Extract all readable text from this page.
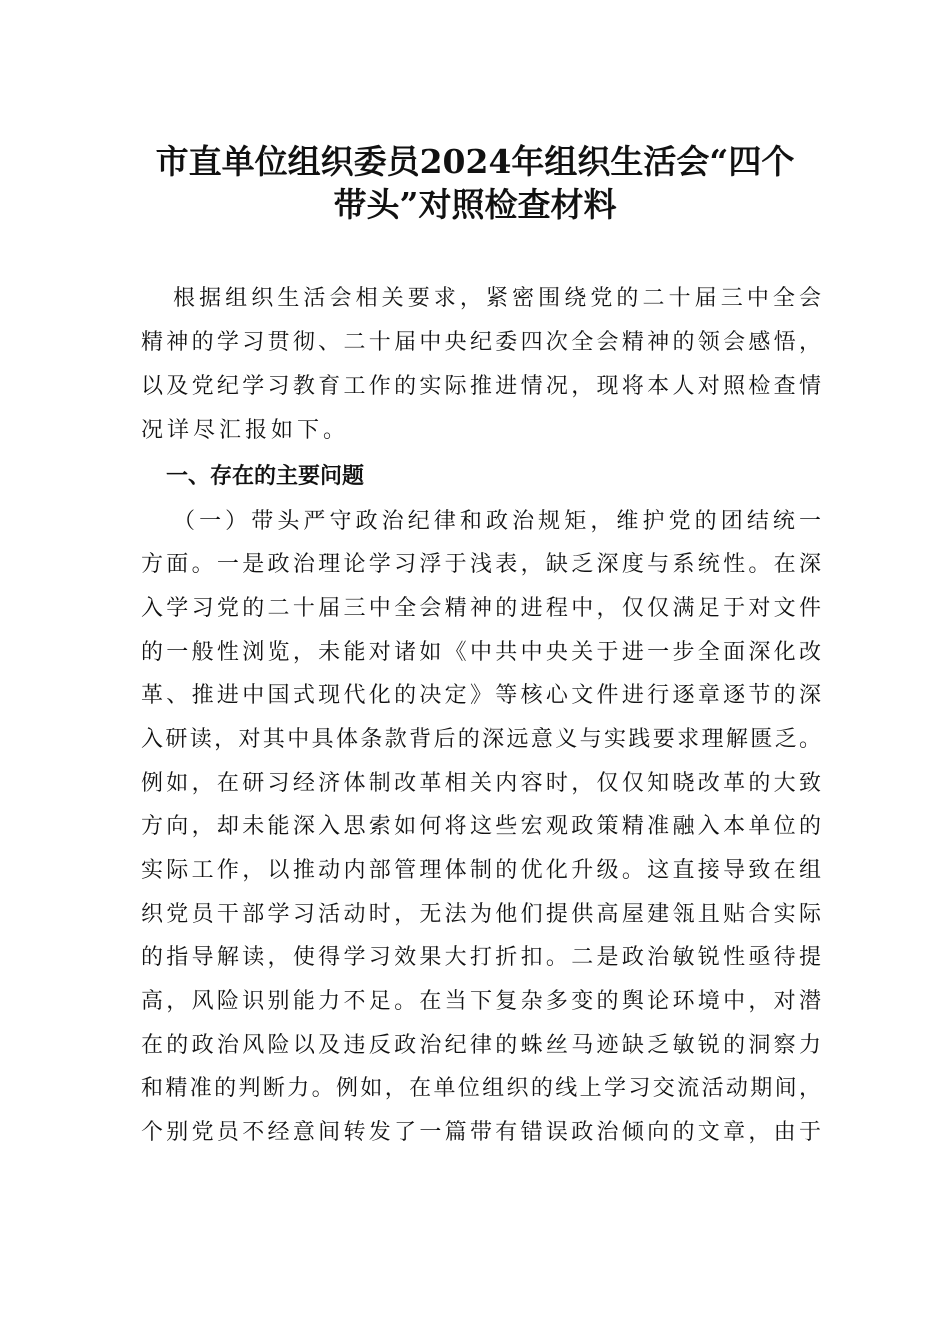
市直单位组织委员2024年组织生活会“四个
带头”对照检查材料
根据组织生活会相关要求，紧密围绕党的二十届三中全会
精神的学习贯彻、二十届中央纪委四次全会精神的领会感悟，
以及党纪学习教育工作的实际推进情况，现将本人对照检查情
况详尽汇报如下。
一、存在的主要问题
（一）带头严守政治纪律和政治规矩，维护党的团结统一
方面。一是政治理论学习浮于浅表，缺乏深度与系统性。在深
入学习党的二十届三中全会精神的进程中，仅仅满足于对文件
的一般性浏览，未能对诸如《中共中央关于进一步全面深化改
革、推进中国式现代化的决定》等核心文件进行逐章逐节的深
入研读，对其中具体条款背后的深远意义与实践要求理解匮乏。
例如，在研习经济体制改革相关内容时，仅仅知晓改革的大致
方向，却未能深入思索如何将这些宏观政策精准融入本单位的
实际工作，以推动内部管理体制的优化升级。这直接导致在组
织党员干部学习活动时，无法为他们提供高屋建瓴且贴合实际
的指导解读，使得学习效果大打折扣。二是政治敏锐性亟待提
高，风险识别能力不足。在当下复杂多变的舆论环境中，对潜
在的政治风险以及违反政治纪律的蛛丝马迹缺乏敏锐的洞察力
和精准的判断力。例如，在单位组织的线上学习交流活动期间，
个别党员不经意间转发了一篇带有错误政治倾向的文章，由于
